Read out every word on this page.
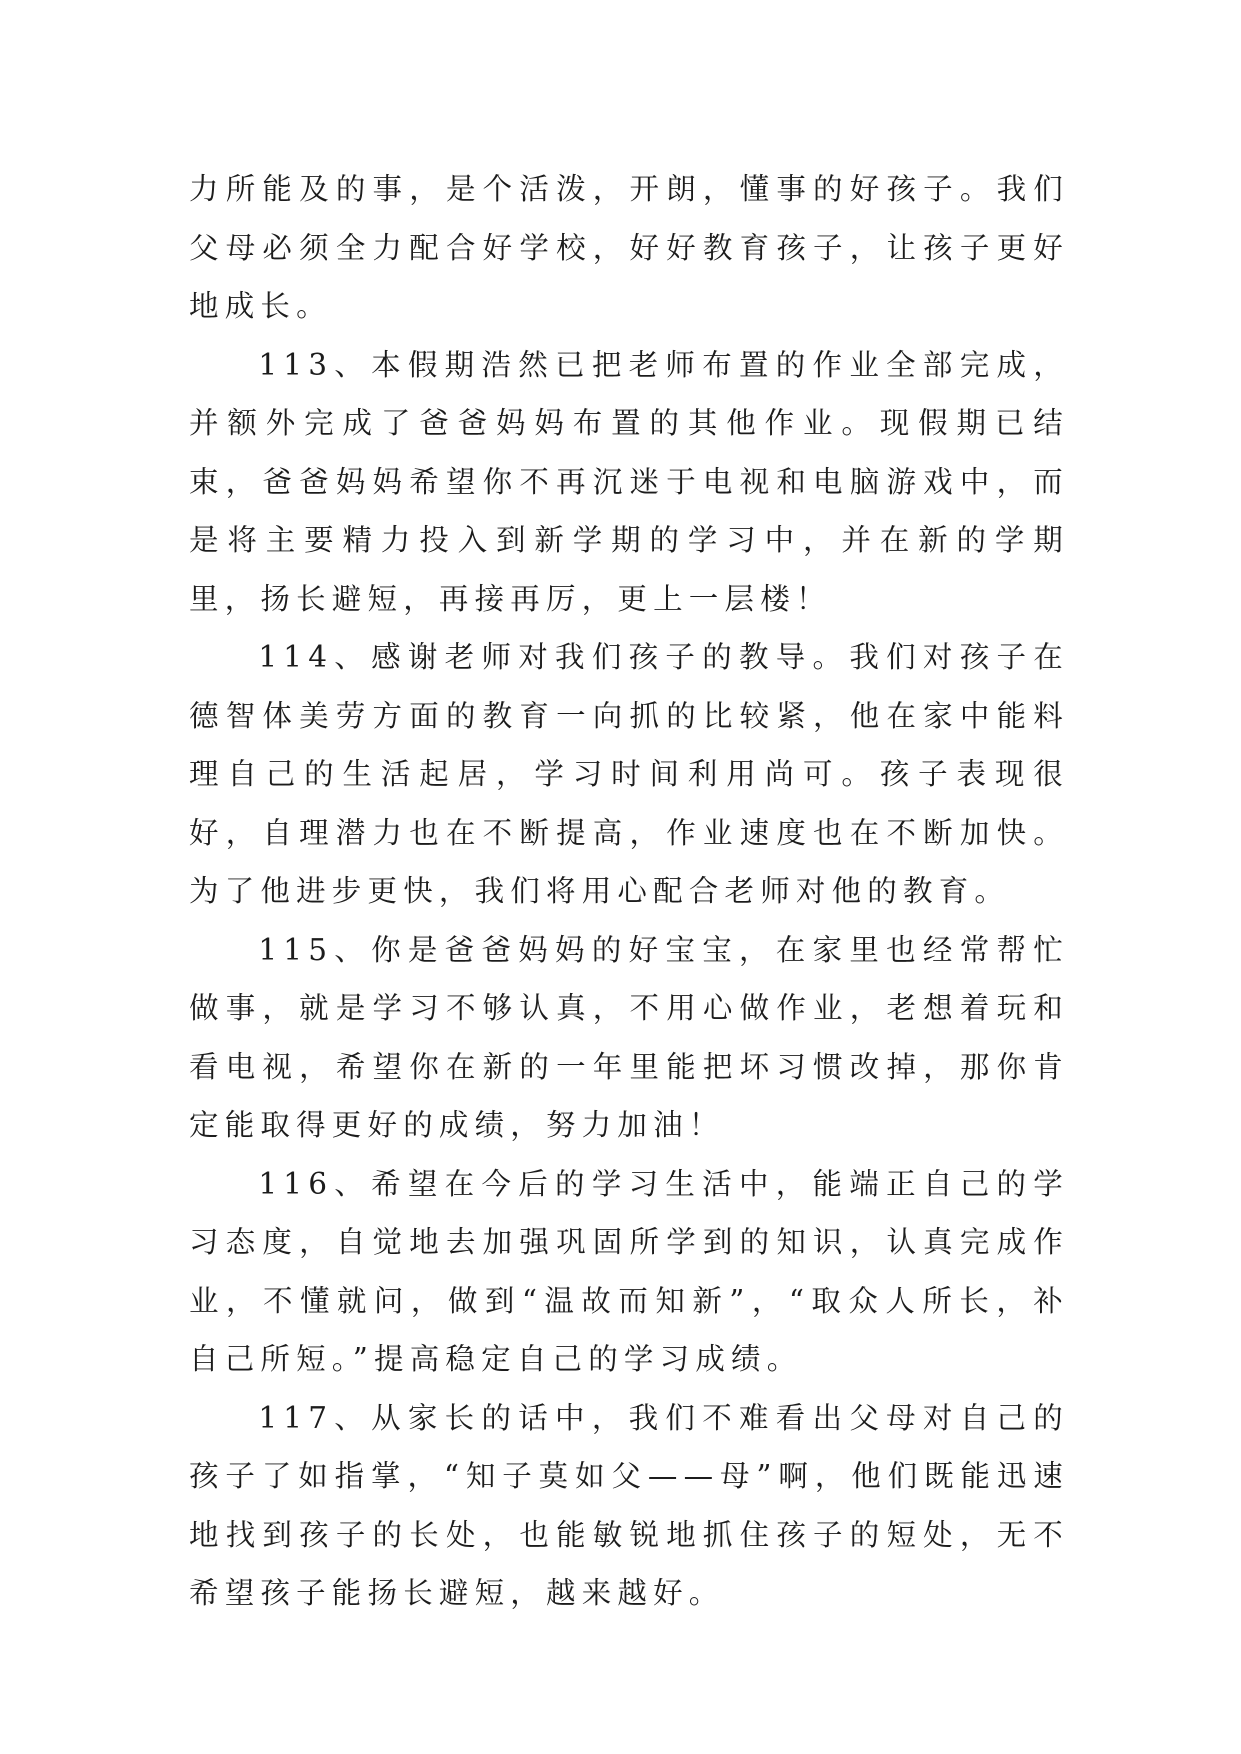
力所能及的事，是个活泼，开朗，懂事的好孩子。我们父母必须全力配合好学校，好好教育孩子，让孩子更好地成长。

113、本假期浩然已把老师布置的作业全部完成，并额外完成了爸爸妈妈布置的其他作业。现假期已结束，爸爸妈妈希望你不再沉迷于电视和电脑游戏中，而是将主要精力投入到新学期的学习中，并在新的学期里，扬长避短，再接再厉，更上一层楼！

114、感谢老师对我们孩子的教导。我们对孩子在德智体美劳方面的教育一向抓的比较紧，他在家中能料理自己的生活起居，学习时间利用尚可。孩子表现很好，自理潜力也在不断提高，作业速度也在不断加快。为了他进步更快，我们将用心配合老师对他的教育。

115、你是爸爸妈妈的好宝宝，在家里也经常帮忙做事，就是学习不够认真，不用心做作业，老想着玩和看电视，希望你在新的一年里能把坏习惯改掉，那你肯定能取得更好的成绩，努力加油！

116、希望在今后的学习生活中，能端正自己的学习态度，自觉地去加强巩固所学到的知识，认真完成作业，不懂就问，做到“温故而知新”，“取众人所长，补自己所短。”提高稳定自己的学习成绩。

117、从家长的话中，我们不难看出父母对自己的孩子了如指掌，“知子莫如父——母”啊，他们既能迅速地找到孩子的长处，也能敏锐地抓住孩子的短处，无不希望孩子能扬长避短，越来越好。
